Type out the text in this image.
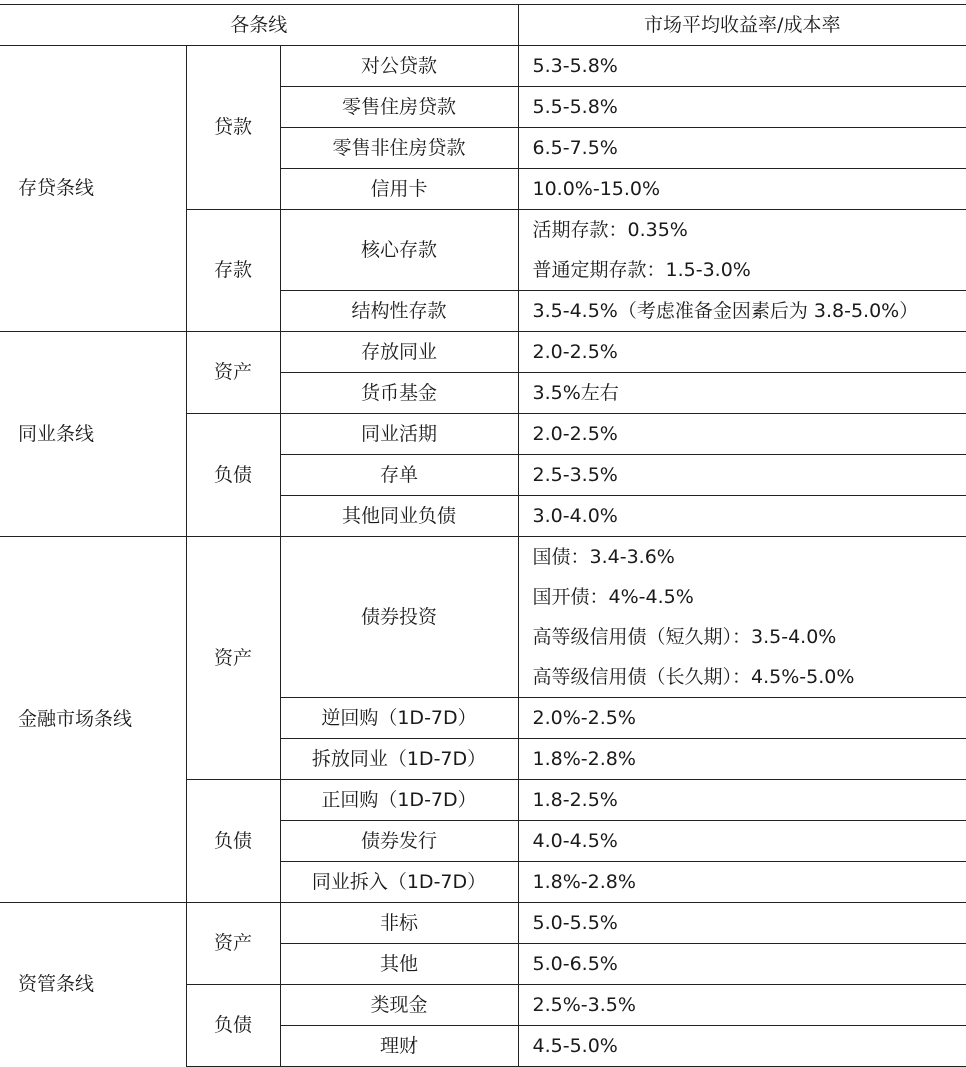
各条线			市场平均收益率/成本率
存贷条线	贷款	对公贷款	5.3-5.8%

		零售住房贷款	5.5-5.8%

		零售非住房贷款	6.5-7.5%

		信用卡	10.0%-15.0%

	存款	核心存款	活期存款：0.35%
普通定期存款：1.5-3.0%

		结构性存款	3.5-4.5%（考虑准备金因素后为 3.8-5.0%）

同业条线	资产	存放同业	2.0-2.5%

		货币基金	3.5%左右

	负债	同业活期	2.0-2.5%

		存单	2.5-3.5%

		其他同业负债	3.0-4.0%

金融市场条线	资产	债券投资	国债：3.4-3.6%
国开债：4%-4.5%
高等级信用债（短久期）：3.5-4.0%
高等级信用债（长久期）：4.5%-5.0%

		逆回购（1D-7D）	2.0%-2.5%

		拆放同业（1D-7D）	1.8%-2.8%

	负债	正回购（1D-7D）	1.8-2.5%

		债券发行	4.0-4.5%

		同业拆入（1D-7D）	1.8%-2.8%

资管条线	资产	非标	5.0-5.5%

		其他	5.0-6.5%

	负债	类现金	2.5%-3.5%

		理财	4.5-5.0%
